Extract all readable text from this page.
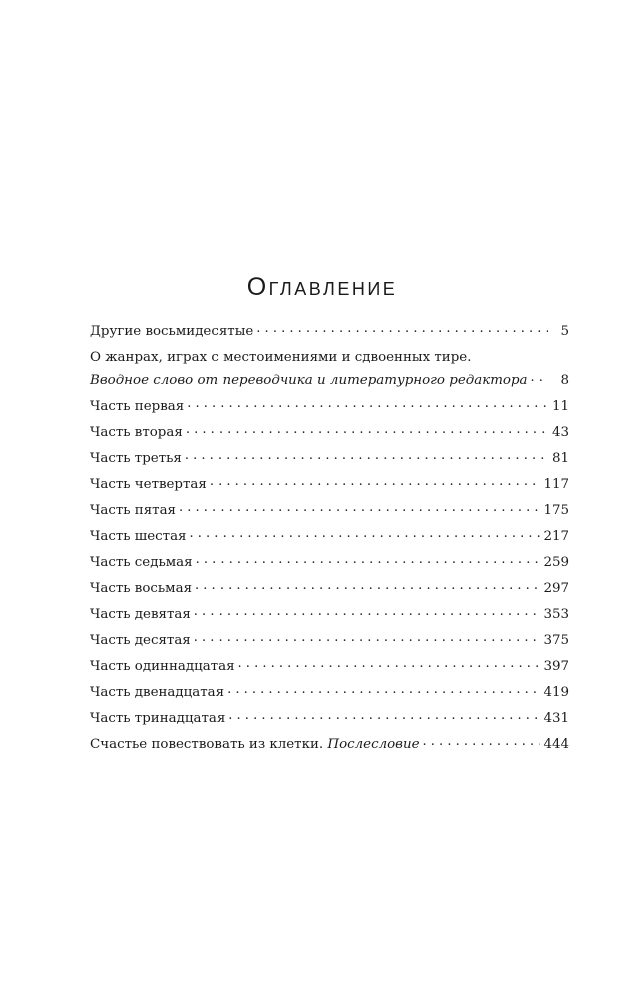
Оглавление
Другие восьмидесятые . . .	5
О жанрах, играх с местоимениями и сдвоенных тире.
Вводное слово от переводчика и литературного редактора . . .	8
Часть первая . . .	11
Часть вторая . . .	43
Часть третья . . .	81
Часть четвертая . . .	117
Часть пятая . . .	175
Часть шестая . . .	217
Часть седьмая . . .	259
Часть восьмая . . .	297
Часть девятая . . .	353
Часть десятая . . .	375
Часть одиннадцатая . . .	397
Часть двенадцатая . . .	419
Часть тринадцатая . . .	431
Счастье повествовать из клетки. Послесловие . . .	444
